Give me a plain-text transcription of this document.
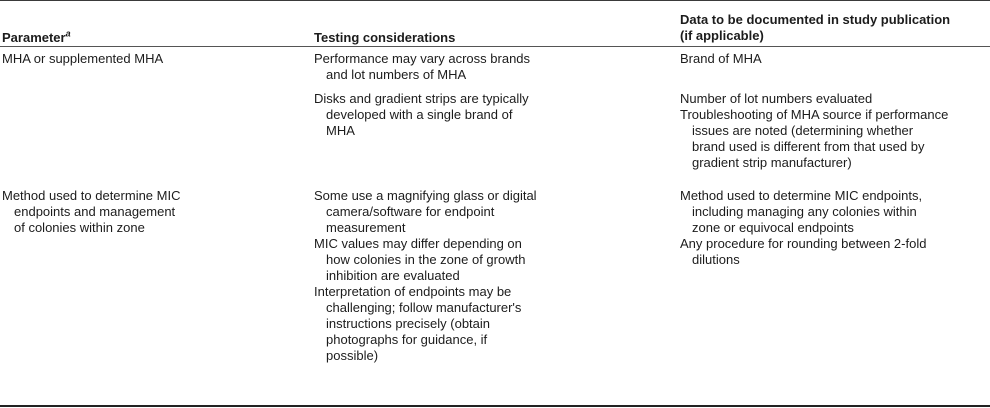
Parameter$^a$	Testing considerations
Data to be documented in study publication
(if applicable)
MHA or supplemented MHA	Performance may vary across brands
and lot numbers of MHA
Disks and gradient strips are typically
developed with a single brand of
MHA
Brand of MHA
Number of lot numbers evaluated
Troubleshooting of MHA source if performance
issues are noted (determining whether
brand used is different from that used by
gradient strip manufacturer)
Method used to determine MIC
endpoints and management
of colonies within zone
Some use a magnifying glass or digital
camera/software for endpoint
measurement
MIC values may differ depending on
how colonies in the zone of growth
inhibition are evaluated
Interpretation of endpoints may be
challenging; follow manufacturer's
instructions precisely (obtain
photographs for guidance, if
possible)
Method used to determine MIC endpoints,
including managing any colonies within
zone or equivocal endpoints
Any procedure for rounding between 2-fold
dilutions
